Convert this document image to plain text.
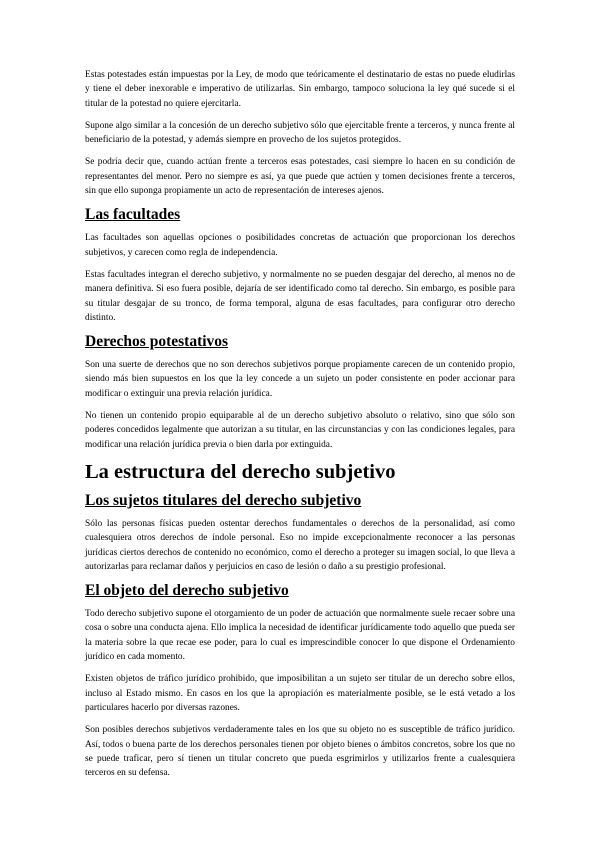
Estas potestades están impuestas por la Ley, de modo que teóricamente el destinatario de estas no puede eludirlas y tiene el deber inexorable e imperativo de utilizarlas. Sin embargo, tampoco soluciona la ley qué sucede si el titular de la potestad no quiere ejercitarla.

Supone algo similar a la concesión de un derecho subjetivo sólo que ejercitable frente a terceros, y nunca frente al beneficiario de la potestad, y además siempre en provecho de los sujetos protegidos.

Se podría decir que, cuando actúan frente a terceros esas potestades, casi siempre lo hacen en su condición de representantes del menor. Pero no siempre es así, ya que puede que actúen y tomen decisiones frente a terceros, sin que ello suponga propiamente un acto de representación de intereses ajenos.

Las facultades

Las facultades son aquellas opciones o posibilidades concretas de actuación que proporcionan los derechos subjetivos, y carecen como regla de independencia.

Estas facultades integran el derecho subjetivo, y normalmente no se pueden desgajar del derecho, al menos no de manera definitiva. Si eso fuera posible, dejaría de ser identificado como tal derecho. Sin embargo, es posible para su titular desgajar de su tronco, de forma temporal, alguna de esas facultades, para configurar otro derecho distinto.

Derechos potestativos

Son una suerte de derechos que no son derechos subjetivos porque propiamente carecen de un contenido propio, siendo más bien supuestos en los que la ley concede a un sujeto un poder consistente en poder accionar para modificar o extinguir una previa relación jurídica.

No tienen un contenido propio equiparable al de un derecho subjetivo absoluto o relativo, sino que sólo son poderes concedidos legalmente que autorizan a su titular, en las circunstancias y con las condiciones legales, para modificar una relación jurídica previa o bien darla por extinguida.

La estructura del derecho subjetivo
Los sujetos titulares del derecho subjetivo

Sólo las personas físicas pueden ostentar derechos fundamentales o derechos de la personalidad, así como cualesquiera otros derechos de índole personal. Eso no impide excepcionalmente reconocer a las personas jurídicas ciertos derechos de contenido no económico, como el derecho a proteger su imagen social, lo que lleva a autorizarlas para reclamar daños y perjuicios en caso de lesión o daño a su prestigio profesional.

El objeto del derecho subjetivo

Todo derecho subjetivo supone el otorgamiento de un poder de actuación que normalmente suele recaer sobre una cosa o sobre una conducta ajena. Ello implica la necesidad de identificar jurídicamente todo aquello que pueda ser la materia sobre la que recae ese poder, para lo cual es imprescindible conocer lo que dispone el Ordenamiento jurídico en cada momento.

Existen objetos de tráfico jurídico prohibido, que imposibilitan a un sujeto ser titular de un derecho sobre ellos, incluso al Estado mismo. En casos en los que la apropiación es materialmente posible, se le está vetado a los particulares hacerlo por diversas razones.

Son posibles derechos subjetivos verdaderamente tales en los que su objeto no es susceptible de tráfico jurídico. Así, todos o buena parte de los derechos personales tienen por objeto bienes o ámbitos concretos, sobre los que no se puede traficar, pero sí tienen un titular concreto que pueda esgrimirlos y utilizarlos frente a cualesquiera terceros en su defensa.
